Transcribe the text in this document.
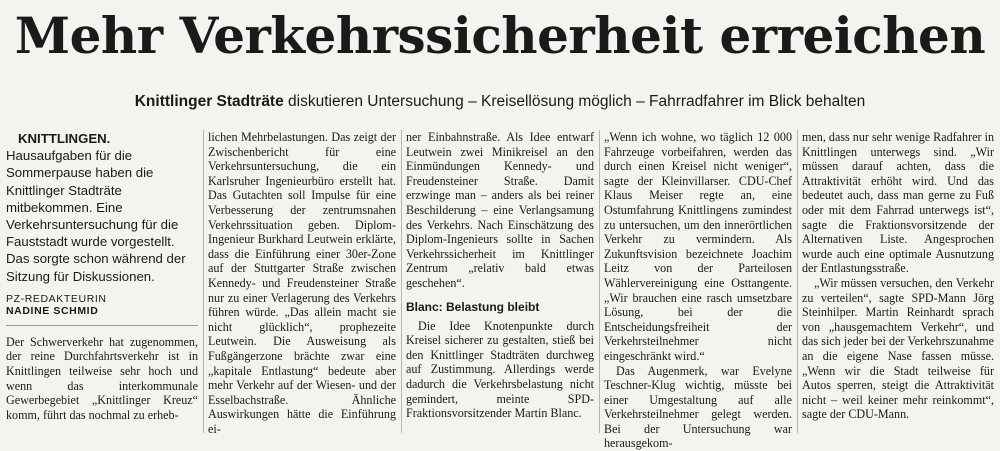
Mehr Verkehrssicherheit erreichen
Knittlinger Stadträte diskutieren Untersuchung – Kreisellösung möglich – Fahrradfahrer im Blick behalten

KNITTLINGEN. Hausaufgaben für die Sommerpause haben die Knittlinger Stadträte mitbekommen. Eine Verkehrsuntersuchung für die Fauststadt wurde vorgestellt. Das sorgte schon während der Sitzung für Diskussionen.

PZ-REDAKTEURIN
NADINE SCHMID

Der Schwerverkehr hat zugenommen, der reine Durchfahrtsverkehr ist in Knittlingen teilweise sehr hoch und wenn das interkommunale Gewerbegebiet „Knittlinger Kreuz“ komm, führt das nochmal zu erheb-

lichen Mehrbelastungen. Das zeigt der Zwischenbericht für eine Verkehrsuntersuchung, die ein Karlsruher Ingenieurbüro erstellt hat. Das Gutachten soll Impulse für eine Verbesserung der zentrumsnahen Verkehrssituation geben. Diplom-Ingenieur Burkhard Leutwein erklärte, dass die Einführung einer 30er-Zone auf der Stuttgarter Straße zwischen Kennedy- und Freudensteiner Straße nur zu einer Verlagerung des Verkehrs führen würde. „Das allein macht sie nicht glücklich“, prophezeite Leutwein. Die Ausweisung als Fußgängerzone brächte zwar eine „kapitale Entlastung“ bedeute aber mehr Verkehr auf der Wiesen- und der Esselbachstraße. Ähnliche Auswirkungen hätte die Einführung ei-

ner Einbahnstraße. Als Idee entwarf Leutwein zwei Minikreisel an den Einmündungen Kennedy- und Freudensteiner Straße. Damit erzwinge man – anders als bei reiner Beschilderung – eine Verlangsamung des Verkehrs. Nach Einschätzung des Diplom-Ingenieurs sollte in Sachen Verkehrssicherheit im Knittlinger Zentrum „relativ bald etwas geschehen“.

Blanc: Belastung bleibt

Die Idee Knotenpunkte durch Kreisel sicherer zu gestalten, stieß bei den Knittlinger Stadträten durchweg auf Zustimmung. Allerdings werde dadurch die Verkehrsbelastung nicht gemindert, meinte SPD-Fraktionsvorsitzender Martin Blanc.

„Wenn ich wohne, wo täglich 12 000 Fahrzeuge vorbeifahren, werden das durch einen Kreisel nicht weniger“, sagte der Kleinvillarser. CDU-Chef Klaus Meiser regte an, eine Ostumfahrung Knittlingens zumindest zu untersuchen, um den innerörtlichen Verkehr zu vermindern. Als Zukunftsvision bezeichnete Joachim Leitz von der Parteilosen Wählervereinigung eine Osttangente. „Wir brauchen eine rasch umsetzbare Lösung, bei der die Entscheidungsfreiheit der Verkehrsteilnehmer nicht eingeschränkt wird.“

Das Augenmerk, war Evelyne Teschner-Klug wichtig, müsste bei einer Umgestaltung auf alle Verkehrsteilnehmer gelegt werden. Bei der Untersuchung war herausgekom-

men, dass nur sehr wenige Radfahrer in Knittlingen unterwegs sind. „Wir müssen darauf achten, dass die Attraktivität erhöht wird. Und das bedeutet auch, dass man gerne zu Fuß oder mit dem Fahrrad unterwegs ist“, sagte die Fraktionsvorsitzende der Alternativen Liste. Angesprochen wurde auch eine optimale Ausnutzung der Entlastungsstraße.

„Wir müssen versuchen, den Verkehr zu verteilen“, sagte SPD-Mann Jörg Steinhilper. Martin Reinhardt sprach von „hausgemachtem Verkehr“, und das sich jeder bei der Verkehrszunahme an die eigene Nase fassen müsse. „Wenn wir die Stadt teilweise für Autos sperren, steigt die Attraktivität nicht – weil keiner mehr reinkommt“, sagte der CDU-Mann.
